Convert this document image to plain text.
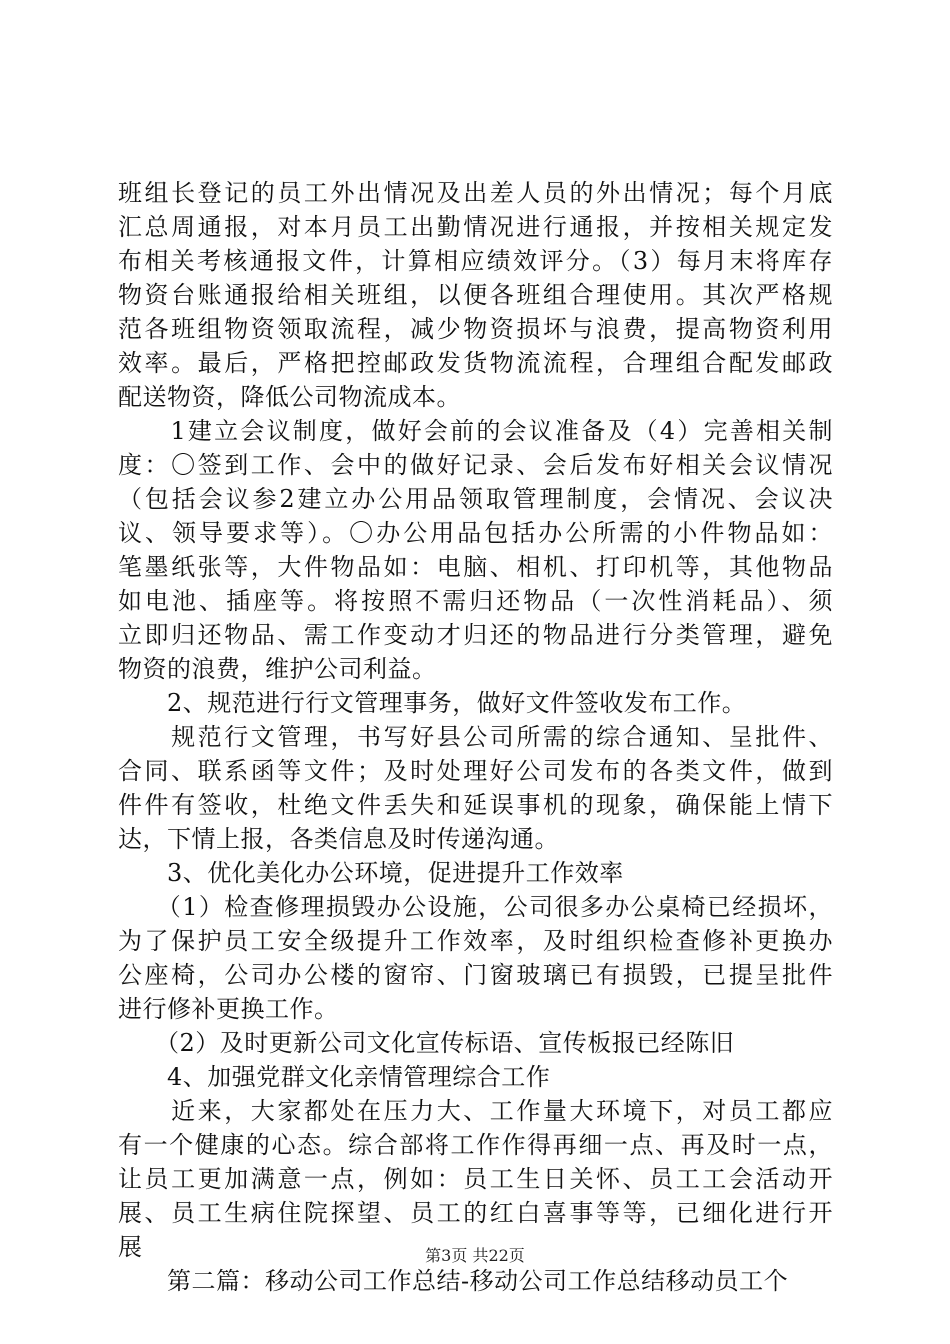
班组长登记的员工外出情况及出差人员的外出情况；每个月底
汇总周通报，对本月员工出勤情况进行通报，并按相关规定发
布相关考核通报文件，计算相应绩效评分。（3）每月末将库存
物资台账通报给相关班组，以便各班组合理使用。其次严格规
范各班组物资领取流程，减少物资损坏与浪费，提高物资利用
效率。最后，严格把控邮政发货物流流程，合理组合配发邮政
配送物资，降低公司物流成本。
　　1建立会议制度，做好会前的会议准备及（4）完善相关制
度：〇签到工作、会中的做好记录、会后发布好相关会议情况
（包括会议参2建立办公用品领取管理制度，会情况、会议决
议、领导要求等）。〇办公用品包括办公所需的小件物品如：
笔墨纸张等，大件物品如：电脑、相机、打印机等，其他物品
如电池、插座等。将按照不需归还物品（一次性消耗品）、须
立即归还物品、需工作变动才归还的物品进行分类管理，避免
物资的浪费，维护公司利益。
　　2、规范进行行文管理事务，做好文件签收发布工作。
　　规范行文管理，书写好县公司所需的综合通知、呈批件、
合同、联系函等文件；及时处理好公司发布的各类文件，做到
件件有签收，杜绝文件丢失和延误事机的现象，确保能上情下
达，下情上报，各类信息及时传递沟通。
　　3、优化美化办公环境，促进提升工作效率
　　（1）检查修理损毁办公设施，公司很多办公桌椅已经损坏，
为了保护员工安全级提升工作效率，及时组织检查修补更换办
公座椅，公司办公楼的窗帘、门窗玻璃已有损毁，已提呈批件
进行修补更换工作。
　　（2）及时更新公司文化宣传标语、宣传板报已经陈旧
　　4、加强党群文化亲情管理综合工作
　　近来，大家都处在压力大、工作量大环境下，对员工都应
有一个健康的心态。综合部将工作作得再细一点、再及时一点，
让员工更加满意一点，例如：员工生日关怀、员工工会活动开
展、员工生病住院探望、员工的红白喜事等等，已细化进行开
展
　　第二篇：移动公司工作总结-移动公司工作总结移动员工个
第3页 共22页
